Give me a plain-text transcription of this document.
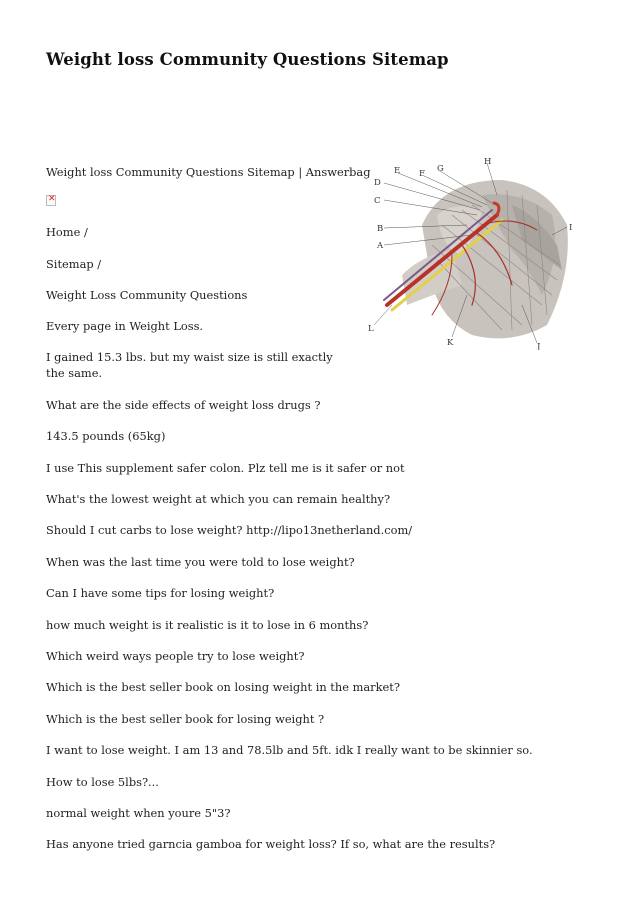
Weight loss Community Questions Sitemap
Weight loss Community Questions Sitemap | Answerbag
✕
Home /
Sitemap /
Weight Loss Community Questions
Every page in Weight Loss.
I gained 15.3 lbs. but my waist size is still exactly the same.
What are the side effects of weight loss drugs ?
143.5 pounds (65kg)
I use This supplement safer colon. Plz tell me is it safer or not
What's the lowest weight at which you can remain healthy?
Should I cut carbs to lose weight? http://lipo13netherland.com/
When was the last time you were told to lose weight?
Can I have some tips for losing weight?
how much weight is it realistic is it to lose in 6 months?
Which weird ways people try to lose weight?
Which is the best seller book on losing weight in the market?
Which is the best seller book for losing weight ?
I want to lose weight. I am 13 and 78.5lb and 5ft. idk I really want to be skinnier so.
How to lose 5lbs?...
normal weight when youre 5"3?
Has anyone tried garncia gamboa for weight loss? If so, what are the results?
A
B
C
D
E F G
H
I
J
K
L
